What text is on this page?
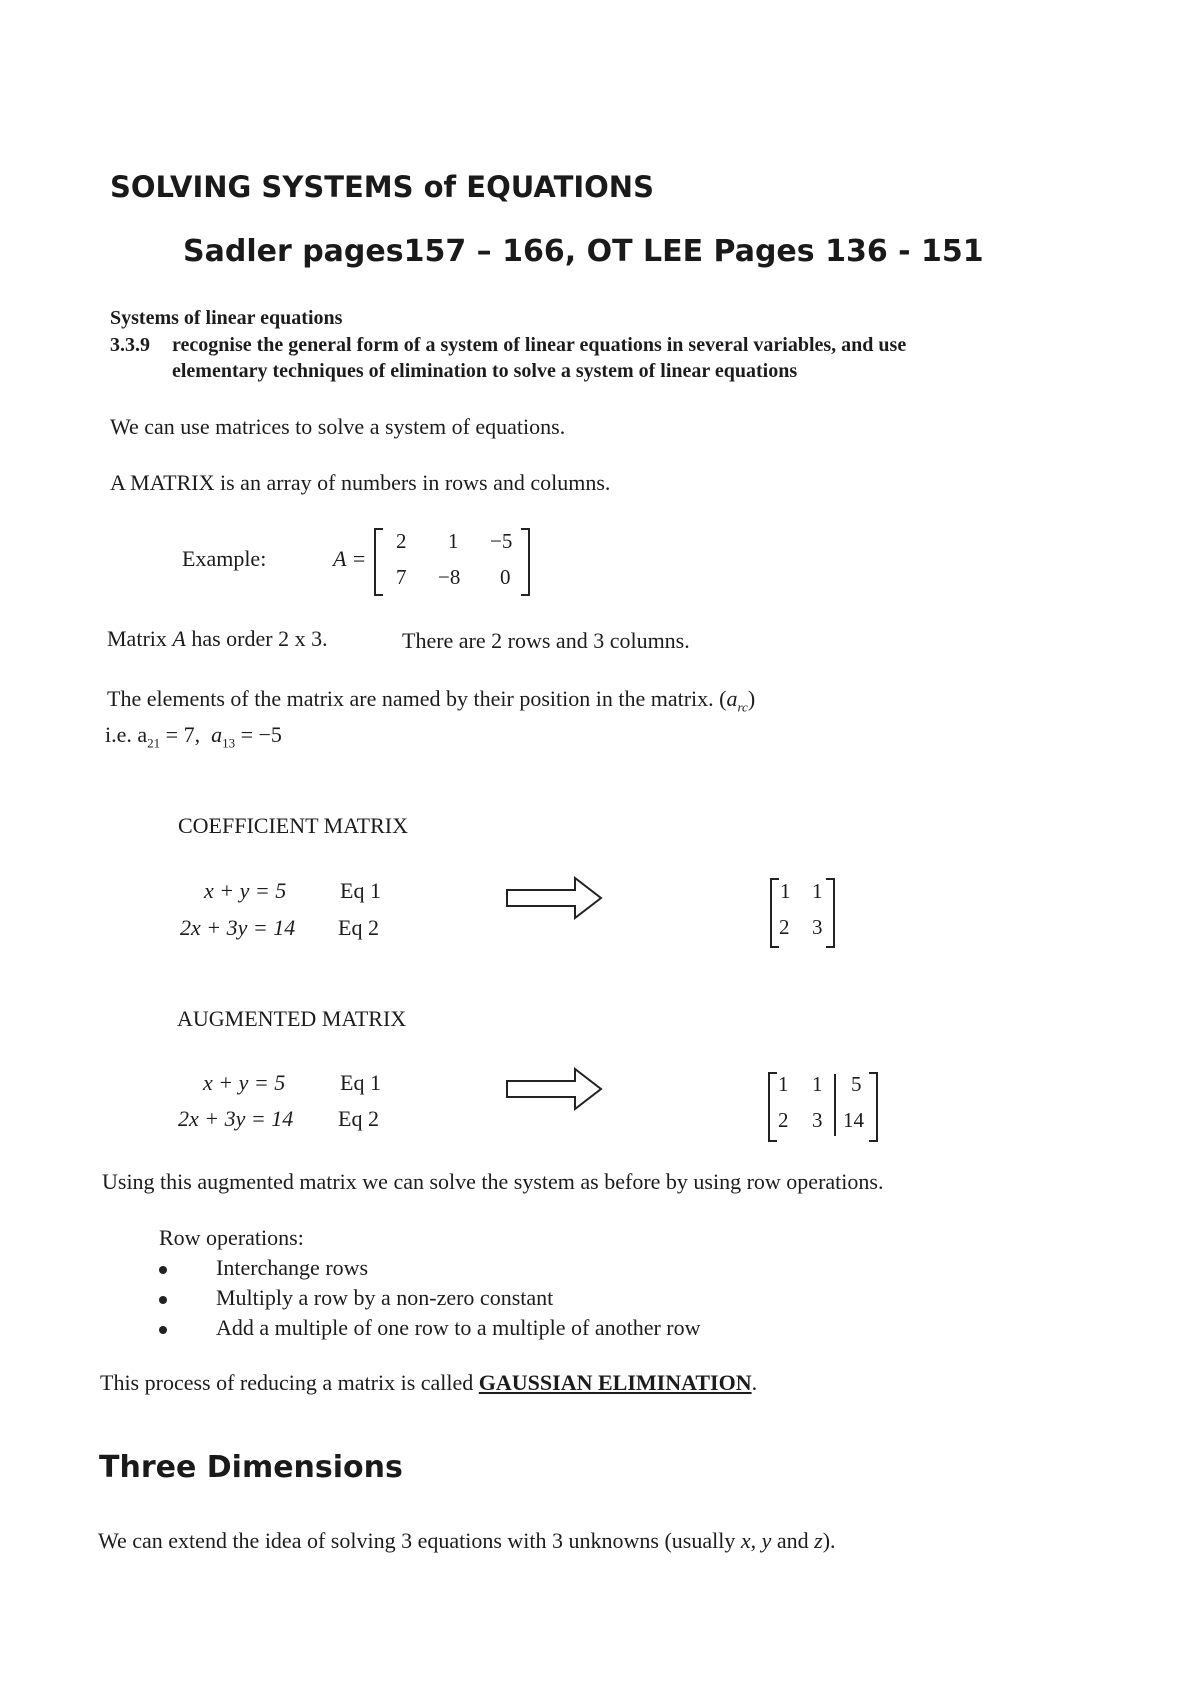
SOLVING SYSTEMS of EQUATIONS
Sadler pages157 – 166, OT LEE Pages 136 - 151
Systems of linear equations
3.3.9 recognise the general form of a system of linear equations in several variables, and use
elementary techniques of elimination to solve a system of linear equations
We can use matrices to solve a system of equations.
A MATRIX is an array of numbers in rows and columns.
Example:	A =
2 1 −5
7 −8 0
Matrix A has order 2 x 3.	There are 2 rows and 3 columns.
The elements of the matrix are named by their position in the matrix. $(a_{rc})$
i.e. $a_{21} = 7$, $a_{13} = -5$
COEFFICIENT MATRIX
x + y = 5
2x + 3y = 14
Eq 1
Eq 2
1 1
2 3
AUGMENTED MATRIX
x + y = 5
2x + 3y = 14
Eq 1
Eq 2
1 1 5
2 3 14
Using this augmented matrix we can solve the system as before by using row operations.
Row operations:
Interchange rows
Multiply a row by a non-zero constant
Add a multiple of one row to a multiple of another row
This process of reducing a matrix is called GAUSSIAN ELIMINATION.
Three Dimensions
We can extend the idea of solving 3 equations with 3 unknowns (usually x, y and z).
